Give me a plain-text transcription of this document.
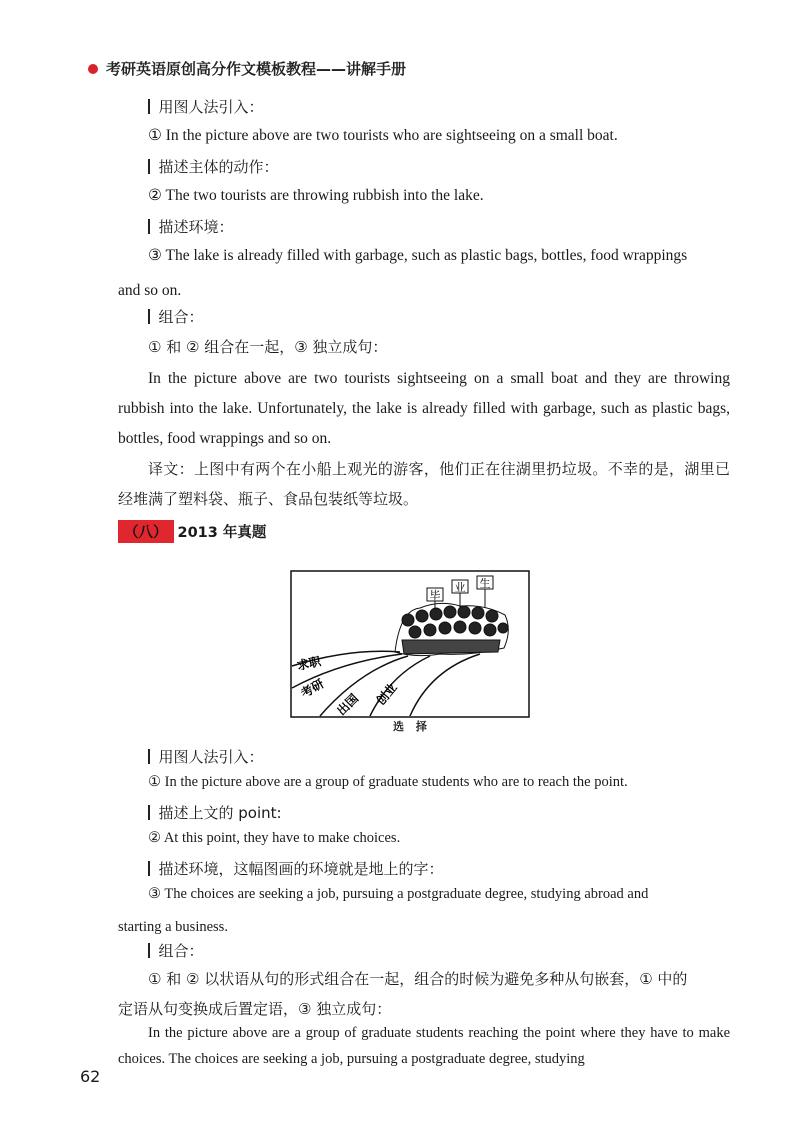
考研英语原创高分作文模板教程——讲解手册
用图人法引入：
① In the picture above are two tourists who are sightseeing on a small boat.
描述主体的动作：
② The two tourists are throwing rubbish into the lake.
描述环境：
③ The lake is already filled with garbage, such as plastic bags, bottles, food wrappings
and so on.
组合：
① 和 ② 组合在一起，③ 独立成句：
In the picture above are two tourists sightseeing on a small boat and they are throwing rubbish into the lake. Unfortunately, the lake is already filled with garbage, such as plastic bags, bottles, food wrappings and so on.
译文：上图中有两个在小船上观光的游客，他们正在往湖里扔垃圾。不幸的是，湖里已经堆满了塑料袋、瓶子、食品包装纸等垃圾。
（八） 2013 年真题
毕
业 生
求职
考研
出国 创业
选 择
用图人法引入：
① In the picture above are a group of graduate students who are to reach the point.
描述上文的 point:
② At this point, they have to make choices.
描述环境，这幅图画的环境就是地上的字：
③ The choices are seeking a job, pursuing a postgraduate degree, studying abroad and
starting a business.
组合：
① 和 ② 以状语从句的形式组合在一起，组合的时候为避免多种从句嵌套，① 中的
定语从句变换成后置定语，③ 独立成句：
In the picture above are a group of graduate students reaching the point where they have to make choices. The choices are seeking a job, pursuing a postgraduate degree, studying
62
